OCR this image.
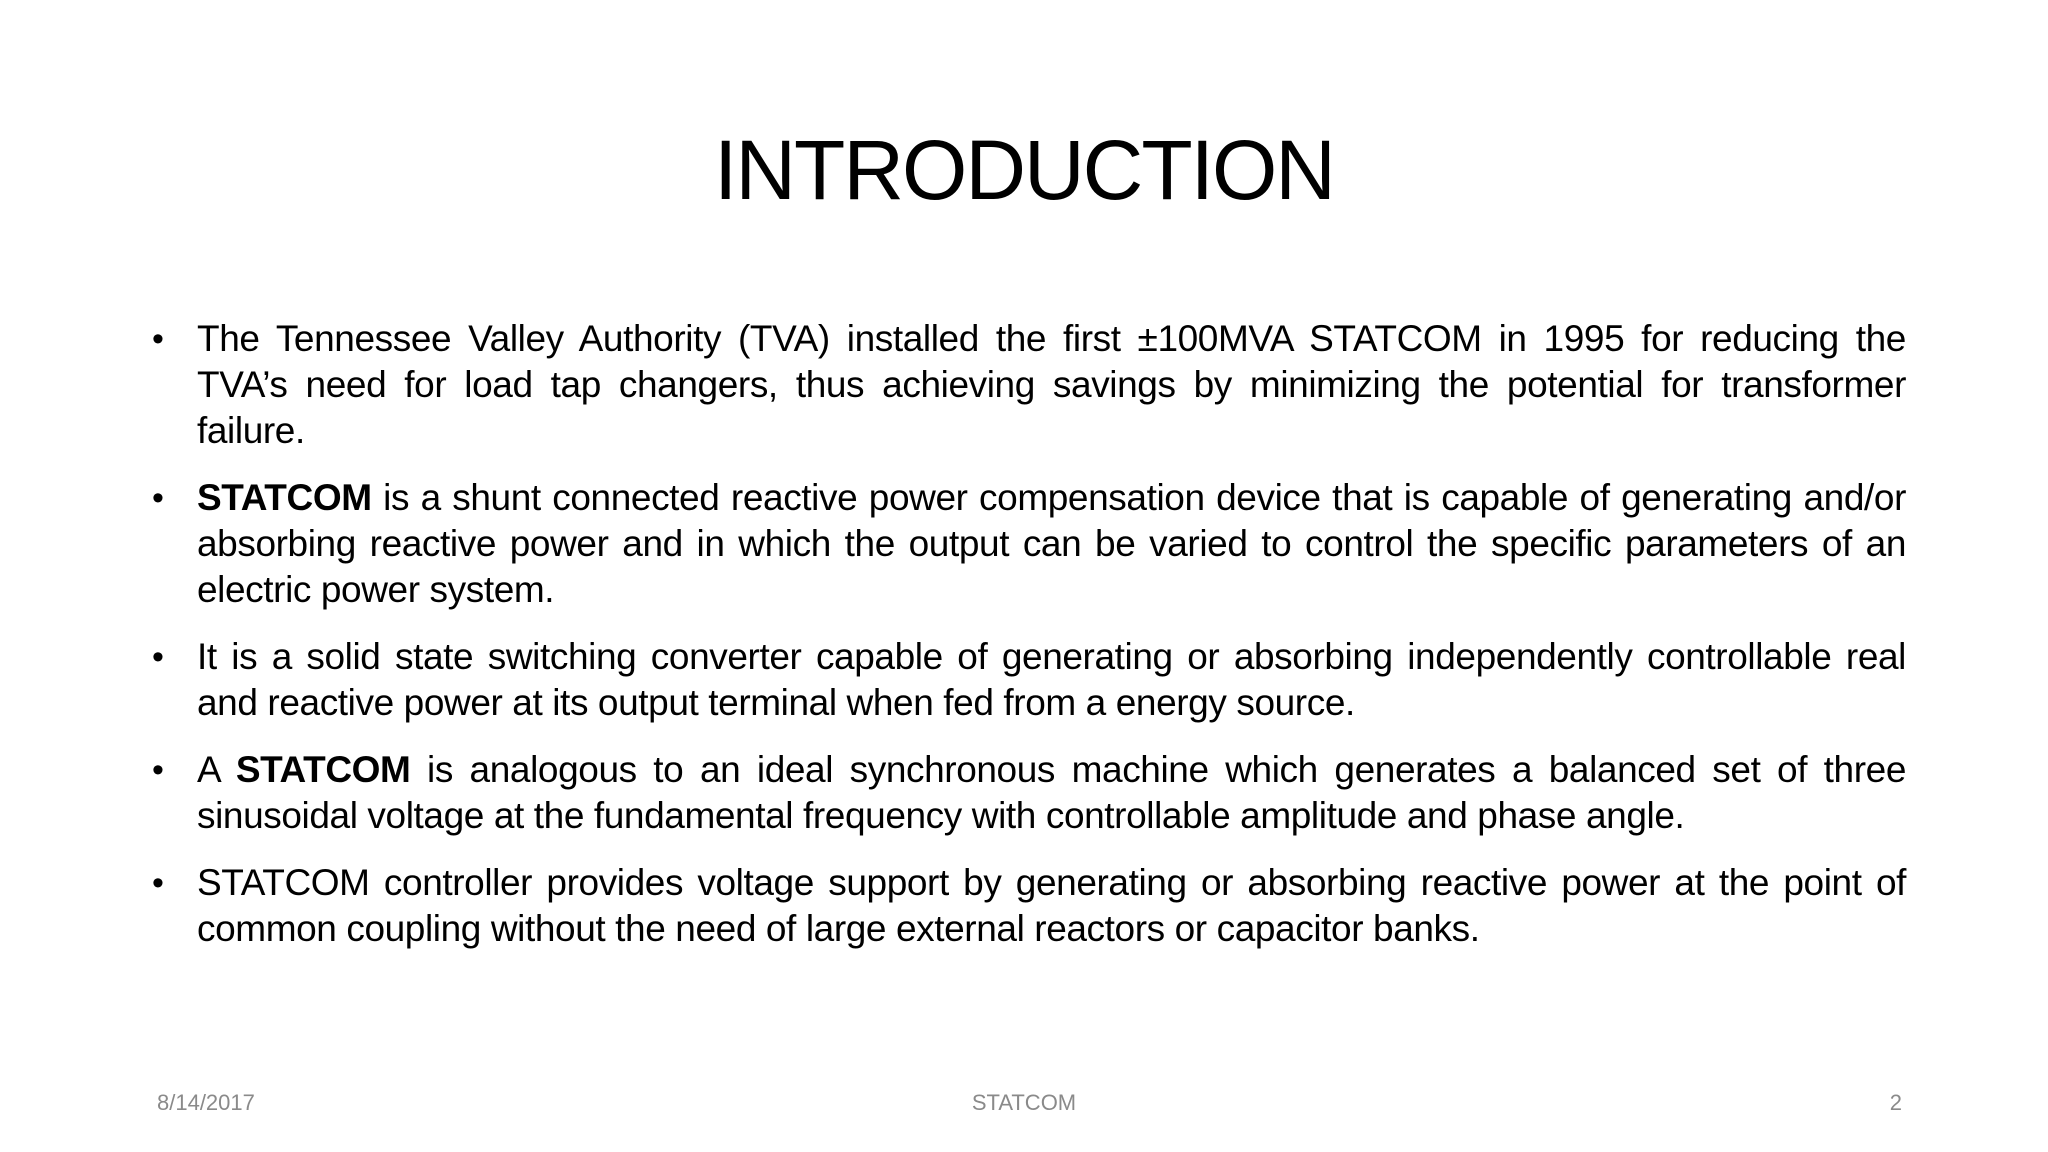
INTRODUCTION
• The Tennessee Valley Authority (TVA) installed the first ±100MVA STATCOM in 1995 for reducing the TVA’s need for load tap changers, thus achieving savings by minimizing the potential for transformer failure.
• STATCOM is a shunt connected reactive power compensation device that is capable of generating and/or absorbing reactive power and in which the output can be varied to control the specific parameters of an electric power system.
• It is a solid state switching converter capable of generating or absorbing independently controllable real and reactive power at its output terminal when fed from a energy source.
• A STATCOM is analogous to an ideal synchronous machine which generates a balanced set of three sinusoidal voltage at the fundamental frequency with controllable amplitude and phase angle.
• STATCOM controller provides voltage support by generating or absorbing reactive power at the point of common coupling without the need of large external reactors or capacitor banks.
8/14/2017	STATCOM	2
